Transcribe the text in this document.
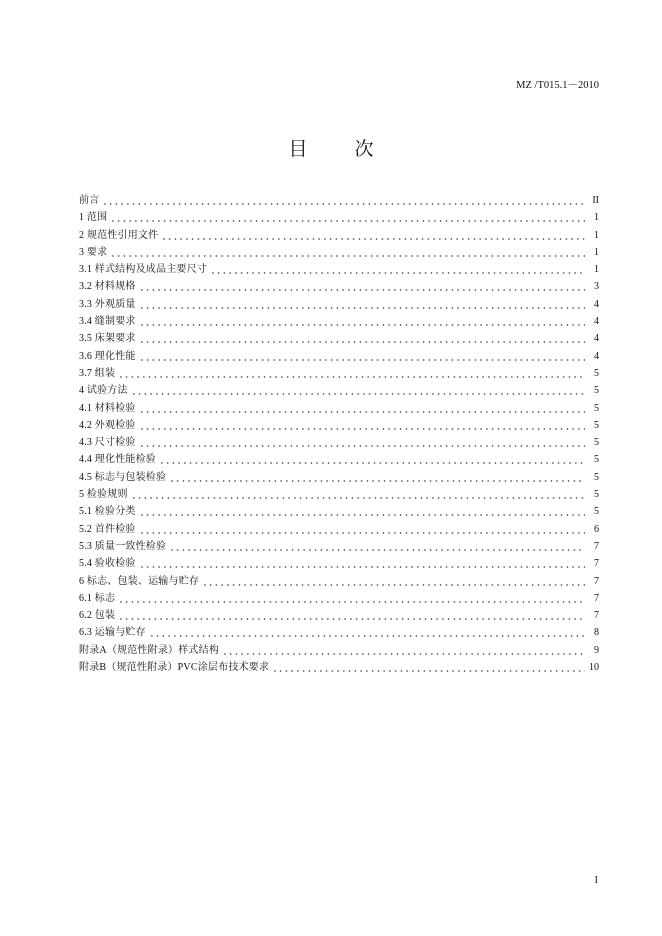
MZ /T015.1－2010
目　次
前言	II
1 范围	1
2 规范性引用文件	1
3 要求	1
3.1 样式结构及成品主要尺寸	1
3.2 材料规格	3
3.3 外观质量	4
3.4 缝制要求	4
3.5 床架要求	4
3.6 理化性能	4
3.7 组装	5
4 试验方法	5
4.1 材料检验	5
4.2 外观检验	5
4.3 尺寸检验	5
4.4 理化性能检验	5
4.5 标志与包装检验	5
5 检验规则	5
5.1 检验分类	5
5.2 首件检验	6
5.3 质量一致性检验	7
5.4 验收检验	7
6 标志、包装、运输与贮存	7
6.1 标志	7
6.2 包装	7
6.3 运输与贮存	8
附录A（规范性附录）样式结构	9
附录B（规范性附录）PVC涂层布技术要求	10
I
